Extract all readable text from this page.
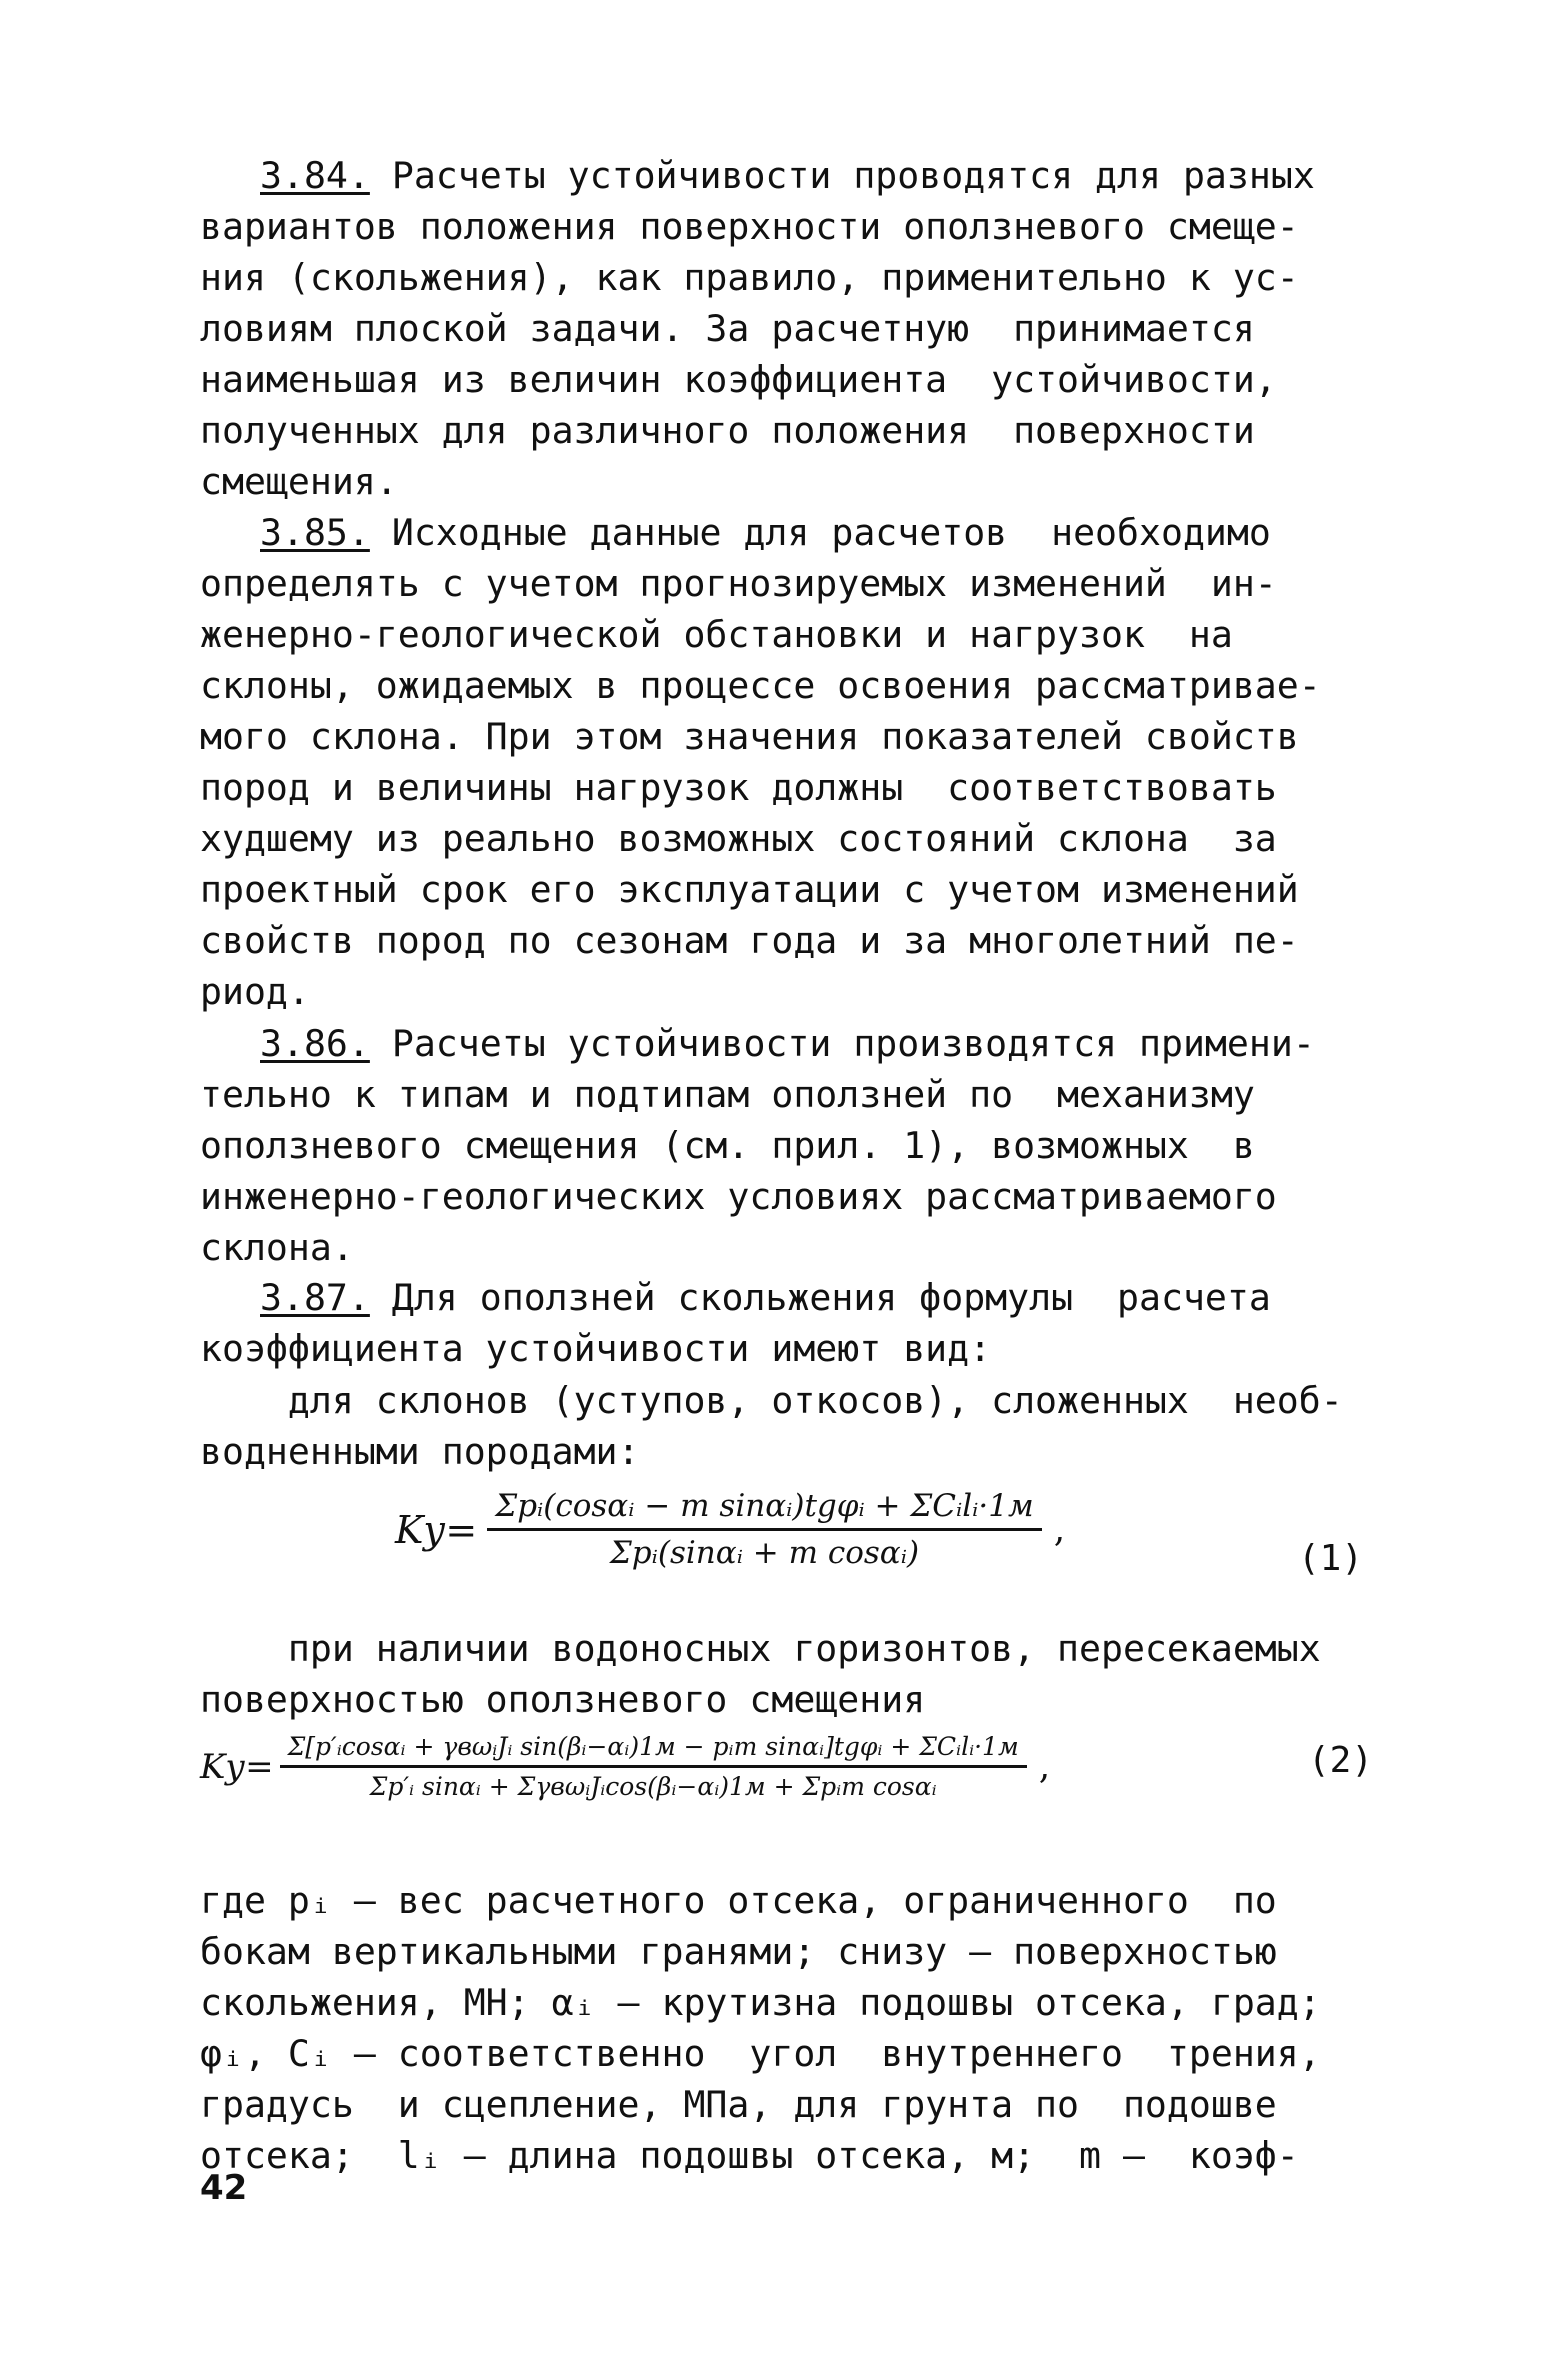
3.84. Расчеты устойчивости проводятся для разных
вариантов положения поверхности оползневого смеще-
ния (скольжения), как правило, применительно к ус-
ловиям плоской задачи. За расчетную  принимается
наименьшая из величин коэффициента  устойчивости,
полученных для различного положения  поверхности
смещения.
3.85. Исходные данные для расчетов  необходимо
определять с учетом прогнозируемых изменений  ин-
женерно-геологической обстановки и нагрузок  на
склоны, ожидаемых в процессе освоения рассматривае-
мого склона. При этом значения показателей свойств
пород и величины нагрузок должны  соответствовать
худшему из реально возможных состояний склона  за
проектный срок его эксплуатации с учетом изменений
свойств пород по сезонам года и за многолетний пе-
риод.
3.86. Расчеты устойчивости производятся примени-
тельно к типам и подтипам оползней по  механизму
оползневого смещения (см. прил. 1), возможных  в
инженерно-геологических условиях рассматриваемого
склона.
3.87. Для оползней скольжения формулы  расчета
коэффициента устойчивости имеют вид:
для склонов (уступов, откосов), сложенных  необ-
водненными породами:
$Kу= \frac{\text{Σpᵢ(cosαᵢ − m sinαᵢ)tgφᵢ + ΣCᵢlᵢ·1м}}{\text{Σpᵢ(sinαᵢ + m cosαᵢ)}}$ ,
(1)
при наличии водоносных горизонтов, пересекаемых
поверхностью оползневого смещения
$Kу= \frac{\text{Σ[p′ᵢcosαᵢ + γвωᵢJᵢ sin(βᵢ−αᵢ)1м − pᵢm sinαᵢ]tgφᵢ + ΣCᵢlᵢ·1м}}{\text{Σp′ᵢ sinαᵢ + ΣγвωᵢJᵢcos(βᵢ−αᵢ)1м + Σpᵢm cosαᵢ}}$ ,	(2)
где pᵢ – вес расчетного отсека, ограниченного  по
бокам вертикальными гранями; снизу – поверхностью
скольжения, МН; αᵢ – крутизна подошвы отсека, град;
φᵢ, Cᵢ – соответственно  угол  внутреннего  трения,
градусь  и сцепление, МПа, для грунта по  подошве
отсека;  lᵢ – длина подошвы отсека, м;  m –  коэф-
42
